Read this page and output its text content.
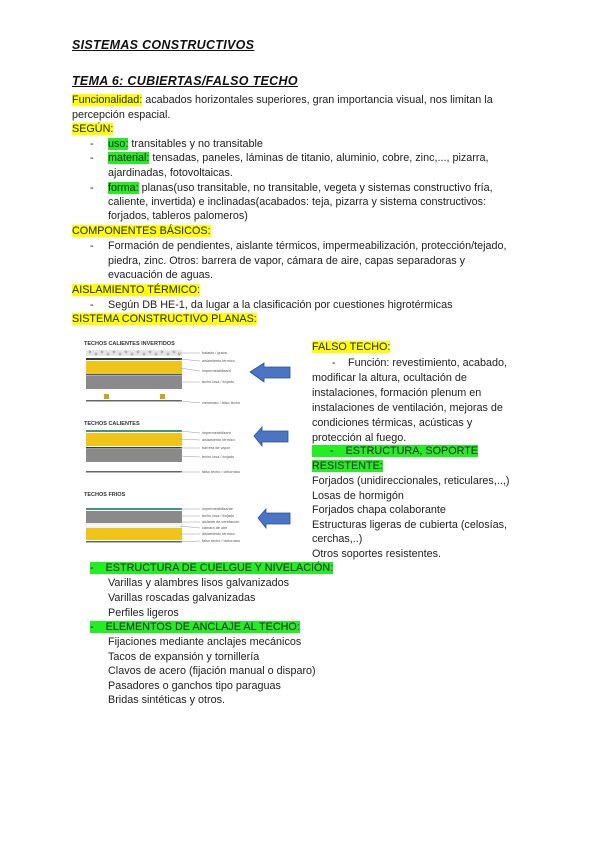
SISTEMAS CONSTRUCTIVOS
TEMA 6: CUBIERTAS/FALSO TECHO
Funcionalidad: acabados horizontales superiores, gran importancia visual, nos limitan la
percepción espacial.
SEGÚN:
- uso: transitables y no transitable
- material: tensadas, paneles, láminas de titanio, aluminio, cobre, zinc,..., pizarra,
ajardinadas, fotovoltaicas.
- forma: planas(uso transitable, no transitable, vegeta y sistemas constructivo fría,
caliente, invertida) e inclinadas(acabados: teja, pizarra y sistema constructivos:
forjados, tableros palomeros)
COMPONENTES BÁSICOS:
- Formación de pendientes, aislante térmicos, impermeabilización, protección/tejado,
piedra, zinc. Otros: barrera de vapor, cámara de aire, capas separadoras y
evacuación de aguas.
AISLAMIENTO TÉRMICO:
- Según DB HE-1, da lugar a la clasificación por cuestiones higrotérmicas
SISTEMA CONSTRUCTIVO PLANAS:
TECHOS CALIENTES INVERTIDOS
balasto / grava
aislamiento térmico
impermeabilizant
techo losa / forjado
cielorraso / falso techo
TECHOS CALIENTES
impermeabilizant
aislamiento térmico
barrera de vapor
techo losa / forjado
falso techo / cielorraso
TECHOS FRIOS
impermeabilizante
techo losa / forjado
aislante de ventilación
cámara de aire
aislamiento térmico
falso techo / cielorraso
FALSO TECHO:
- Función: revestimiento, acabado,
modificar la altura, ocultación de
instalaciones, formación plenum en
instalaciones de ventilación, mejoras de
condiciones térmicas, acústicas y
protección al fuego.
-    ESTRUCTURA, SOPORTE
RESISTENTE:
Forjados (unidireccionales, reticulares,..,)
Losas de hormigón
Forjados chapa colaborante
Estructuras ligeras de cubierta (celosías,
cerchas,..)
Otros soportes resistentes.
-    ESTRUCTURA DE CUELGUE Y NIVELACIÓN:
Varillas y alambres lisos galvanizados
Varillas roscadas galvanizadas
Perfiles ligeros
-    ELEMENTOS DE ANCLAJE AL TECHO:
Fijaciones mediante anclajes mecánicos
Tacos de expansión y tornillería
Clavos de acero (fijación manual o disparo)
Pasadores o ganchos tipo paraguas
Bridas sintéticas y otros.
